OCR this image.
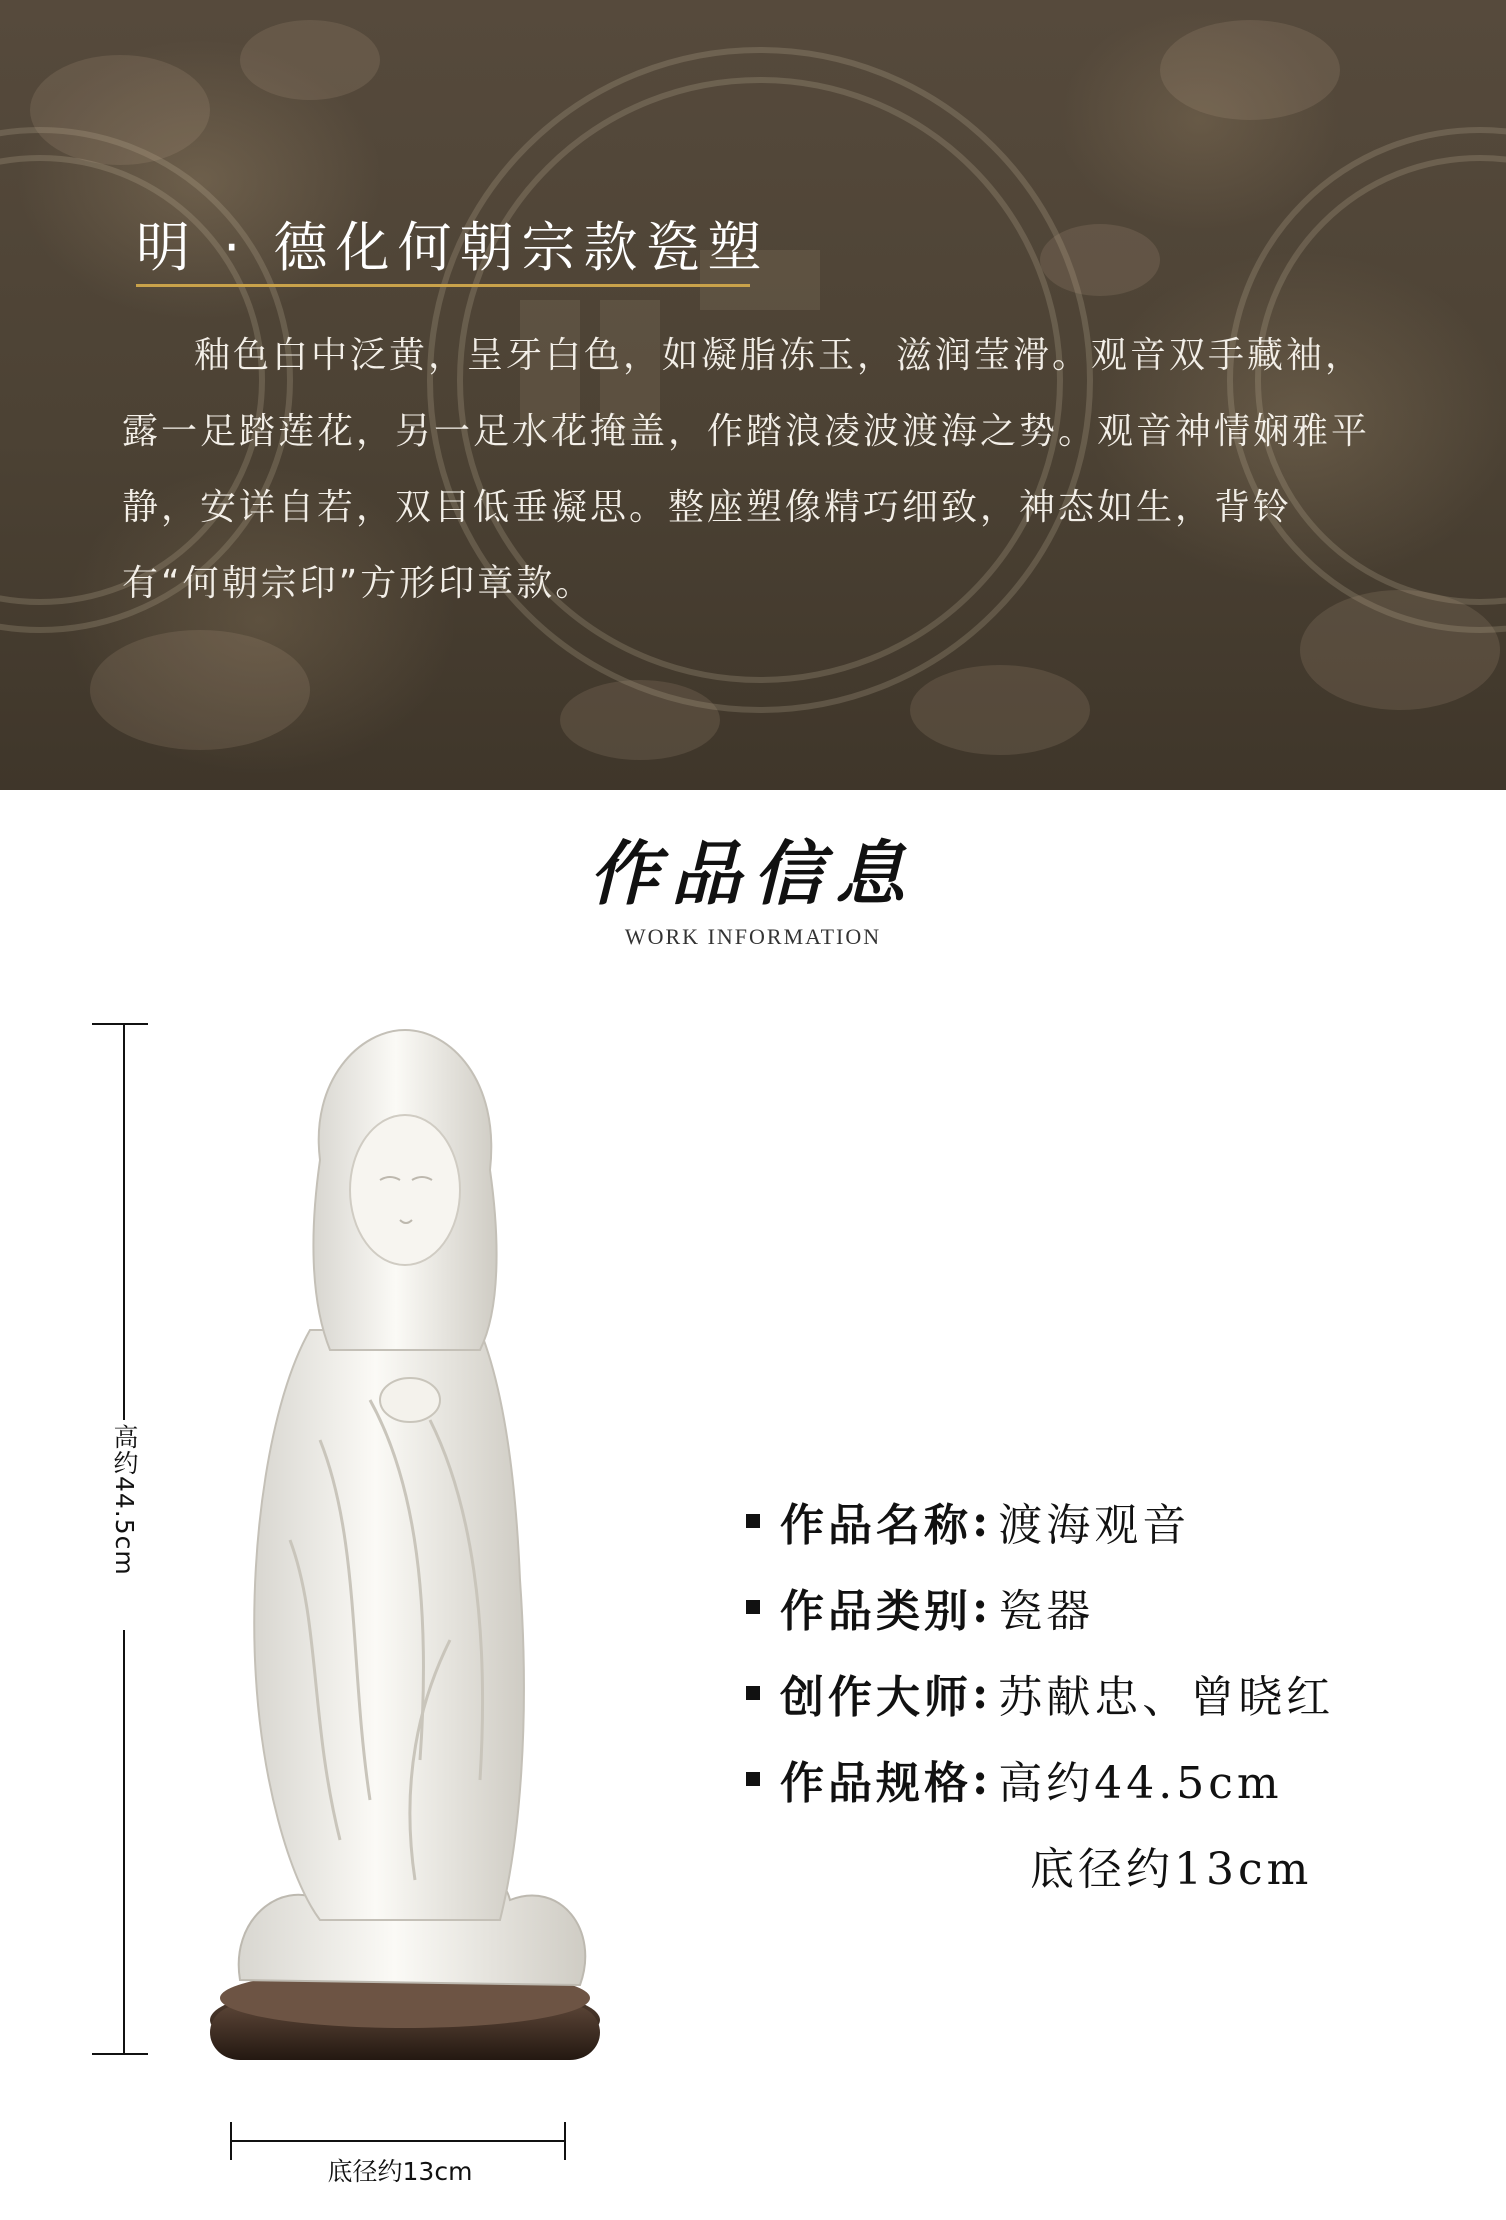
明 · 德化何朝宗款瓷塑

釉色白中泛黄，呈牙白色，如凝脂冻玉，滋润莹滑。观音双手藏袖，露一足踏莲花，另一足水花掩盖，作踏浪凌波渡海之势。观音神情娴雅平静，安详自若，双目低垂凝思。整座塑像精巧细致，神态如生，背铃有“何朝宗印”方形印章款。

作品信息
WORK INFORMATION
高约44.5cm
底径约13cm
作品名称 : 渡海观音
作品类别 : 瓷器
创作大师 : 苏献忠、曾晓红
作品规格 : 高约44.5cm
底径约13cm
